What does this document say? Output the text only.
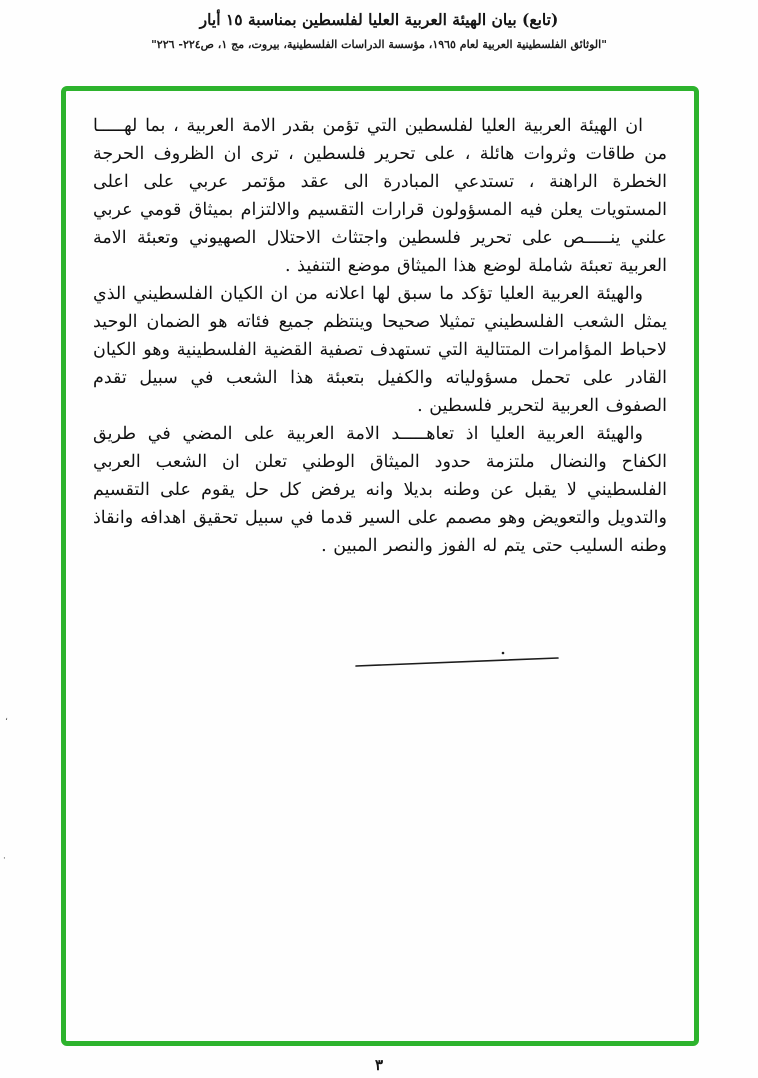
(تابع) بيان الهيئة العربية العليا لفلسطين بمناسبة ١٥ أيار
"الوثائق الفلسطينية العربية لعام ١٩٦٥، مؤسسة الدراسات الفلسطينية، بيروت، مج ١، ص٢٢٤- ٢٢٦"

ان الهيئة العربية العليا لفلسطين التي تؤمن بقدر الامة العربية ، بما لهـــــا من طاقات وثروات هائلة ، على تحرير فلسطين ، ترى ان الظروف الحرجة الخطرة الراهنة ، تستدعي المبادرة الى عقد مؤتمر عربي على اعلى المستويات يعلن فيه المسؤولون قرارات التقسيم والالتزام بميثاق قومي عربي علني ينـــــص على تحرير فلسطين واجتثاث الاحتلال الصهيوني وتعبئة الامة العربية تعبئة شاملة لوضع هذا الميثاق موضع التنفيذ .

والهيئة العربية العليا تؤكد ما سبق لها اعلانه من ان الكيان الفلسطيني الذي يمثل الشعب الفلسطيني تمثيلا صحيحا وينتظم جميع فئاته هو الضمان الوحيد لاحباط المؤامرات المتتالية التي تستهدف تصفية القضية الفلسطينية وهو الكيان القادر على تحمل مسؤولياته والكفيل بتعبئة هذا الشعب في سبيل تقدم الصفوف العربية لتحرير فلسطين .

والهيئة العربية العليا اذ تعاهـــــد الامة العربية على المضي في طريق الكفاح والنضال ملتزمة حدود الميثاق الوطني تعلن ان الشعب العربي الفلسطيني لا يقبل عن وطنه بديلا وانه يرفض كل حل يقوم على التقسيم والتدويل والتعويض وهو مصمم على السير قدما في سبيل تحقيق اهدافه وانقاذ وطنه السليب حتى يتم له الفوز والنصر المبين .

،
·
٣
